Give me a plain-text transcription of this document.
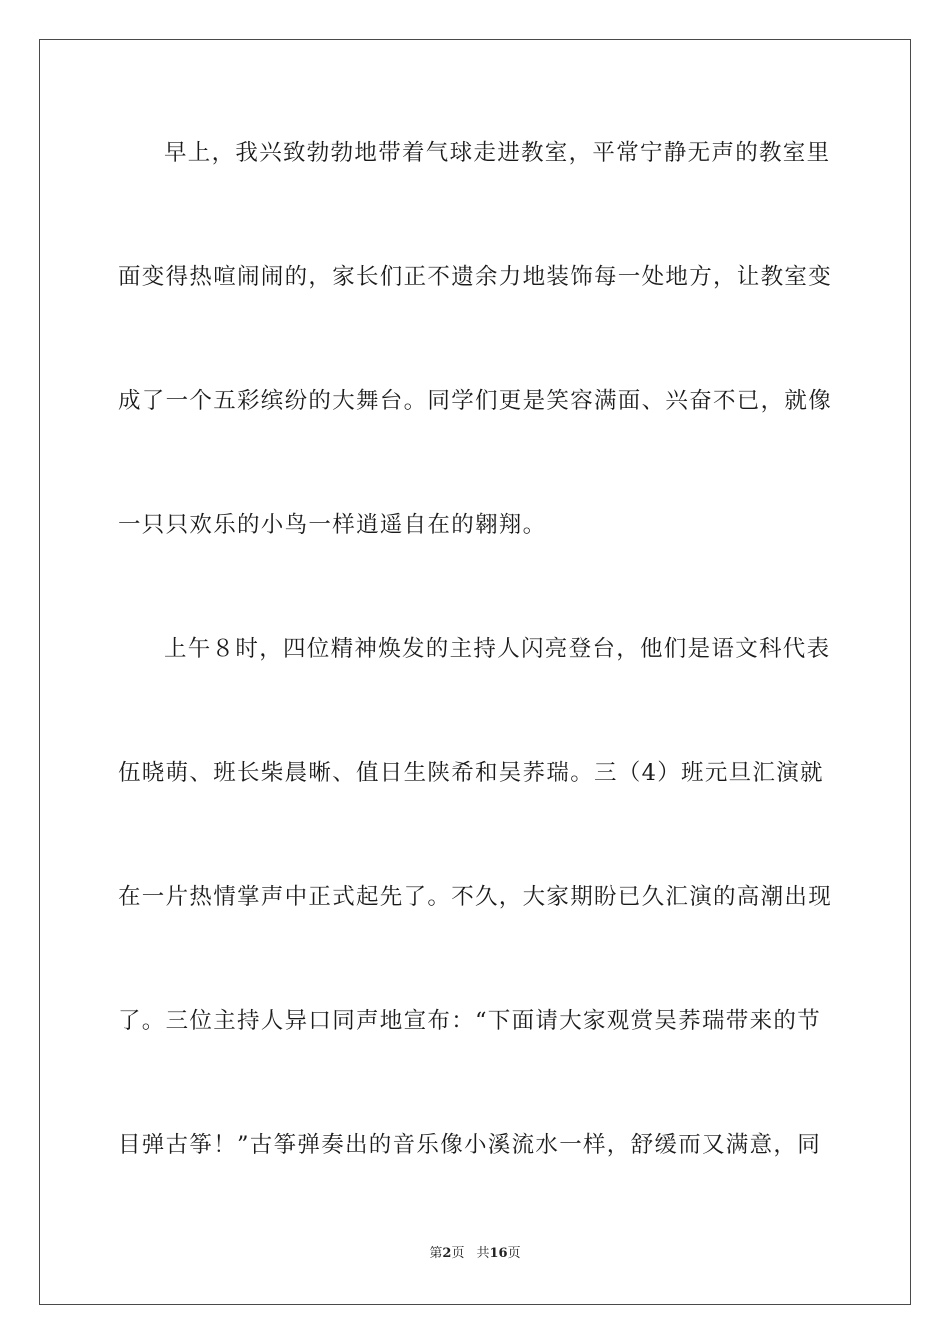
早上，我兴致勃勃地带着气球走进教室，平常宁静无声的教室里
面变得热喧闹闹的，家长们正不遗余力地装饰每一处地方，让教室变
成了一个五彩缤纷的大舞台。同学们更是笑容满面、兴奋不已，就像
一只只欢乐的小鸟一样逍遥自在的翱翔。
上午８时，四位精神焕发的主持人闪亮登台，他们是语文科代表
伍晓萌、班长柴晨晰、值日生陕希和吴荞瑞。三（4）班元旦汇演就
在一片热情掌声中正式起先了。不久，大家期盼已久汇演的高潮出现
了。三位主持人异口同声地宣布：“下面请大家观赏吴荞瑞带来的节
目弹古筝！”古筝弹奏出的音乐像小溪流水一样，舒缓而又满意，同
第2页 共16页
